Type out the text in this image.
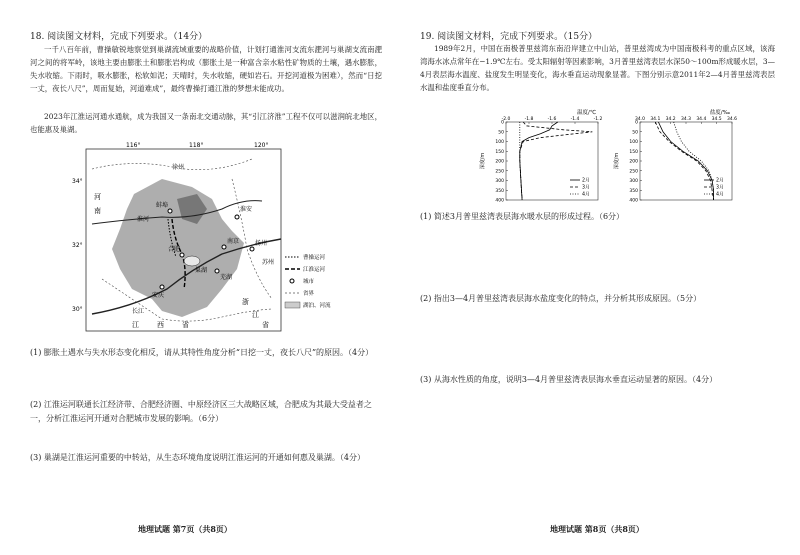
18. 阅读图文材料，完成下列要求。（14分）
一千八百年前，曹操敏锐地察觉到巢湖流域重要的战略价值，计划打通淮河支流东淝河与巢湖支流南淝河之间的将军岭，该地主要由膨胀土和膨胀岩构成（膨胀土是一种富含亲水粘性矿物质的土壤，遇水膨胀，失水收缩。下雨时，吸水膨胀，松软如泥；天晴时，失水收缩，硬如岩石。开挖河道极为困难），然而“日挖一丈，夜长八尺”，周而复始，河道难成”，最终曹操打通江淮的梦想未能成功。
2023年江淮运河通水通航，成为我国又一条南北交通动脉，其“引江济淮”工程不仅可以滋润皖北地区，也能惠及巢湖。
116°	118°	120°
34°
32°
30°
徐州
淮河
淮安
蚌埠
合肥
巢湖
南京	扬州
芜湖
安庆
长江
苏州
江	西	省
浙
江
省
河
南
曹操运河
江淮运河
城市
省界
湖泊、河流
(1) 膨胀土遇水与失水形态变化相反，请从其特性角度分析“日挖一丈，夜长八尺”的原因。（4分）
(2) 江淮运河联通长江经济带、合肥经济圈、中原经济区三大战略区域，合肥成为其最大受益者之一，分析江淮运河开通对合肥城市发展的影响。（6分）
(3) 巢湖是江淮运河重要的中转站，从生态环境角度说明江淮运河的开通如何惠及巢湖。（4分）
地理试题 第7页（共8页）
19. 阅读图文材料，完成下列要求。（15分）
1989年2月，中国在南极普里兹湾东南沿岸建立中山站，普里兹湾成为中国南极科考的重点区域，该海湾海水冰点常年在−1.9℃左右。受太阳辐射等因素影响，3月普里兹湾表层水深50～100m形成暖水层，3—4月表层海水温度、盐度发生明显变化，海水垂直运动现象显著。下图分别示意2011年2—4月普里兹湾表层水温和盐度垂直分布。
温度/℃
-2.0	-1.8	-1.6	-1.4	-1.2
0
50
100
150
200
250
300
350
400
深度/m
2月
3月
4月
盐度/‰
34.0 34.1 34.2 34.3 34.4 34.5 34.6
0
50
100
150
200
250
300
350
400
深度/m
2月
3月
4月
(1) 简述3月普里兹湾表层海水暖水层的形成过程。（6分）
(2) 指出3—4月普里兹湾表层海水盐度变化的特点，并分析其形成原因。（5分）
(3) 从海水性质的角度，说明3—4月普里兹湾表层海水垂直运动显著的原因。（4分）
地理试题 第8页（共8页）
